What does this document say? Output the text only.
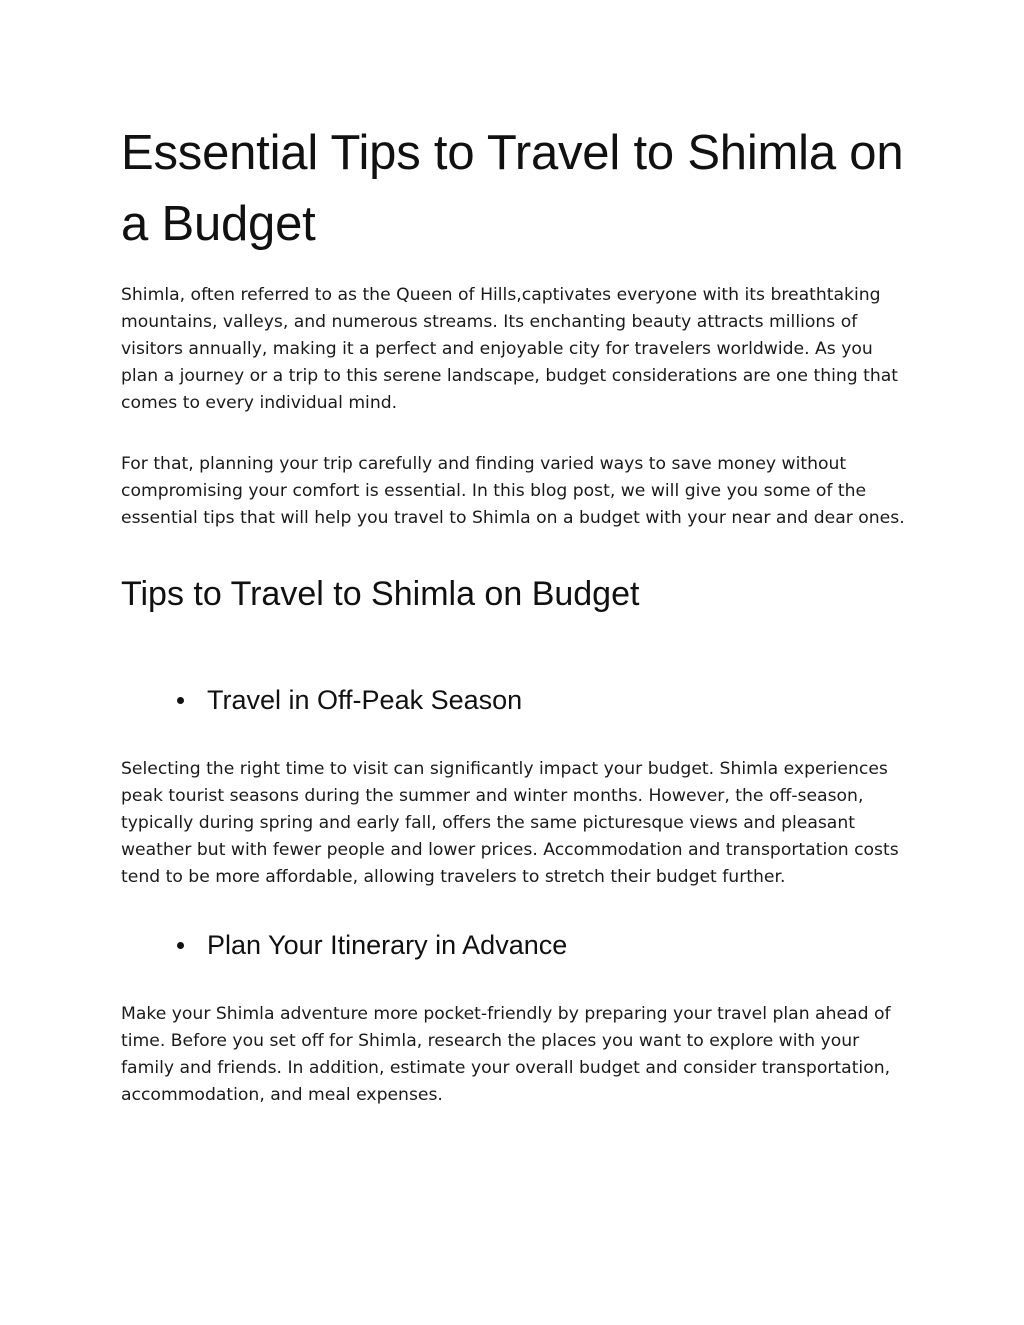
Essential Tips to Travel to Shimla on a Budget

Shimla, often referred to as the Queen of Hills,captivates everyone with its breathtaking mountains, valleys, and numerous streams. Its enchanting beauty attracts millions of visitors annually, making it a perfect and enjoyable city for travelers worldwide. As you plan a journey or a trip to this serene landscape, budget considerations are one thing that comes to every individual mind.

For that, planning your trip carefully and finding varied ways to save money without compromising your comfort is essential. In this blog post, we will give you some of the essential tips that will help you travel to Shimla on a budget with your near and dear ones.

Tips to Travel to Shimla on Budget
Travel in Off-Peak Season

Selecting the right time to visit can significantly impact your budget. Shimla experiences peak tourist seasons during the summer and winter months. However, the off-season, typically during spring and early fall, offers the same picturesque views and pleasant weather but with fewer people and lower prices. Accommodation and transportation costs tend to be more affordable, allowing travelers to stretch their budget further.

Plan Your Itinerary in Advance

Make your Shimla adventure more pocket-friendly by preparing your travel plan ahead of time. Before you set off for Shimla, research the places you want to explore with your family and friends. In addition, estimate your overall budget and consider transportation, accommodation, and meal expenses.
